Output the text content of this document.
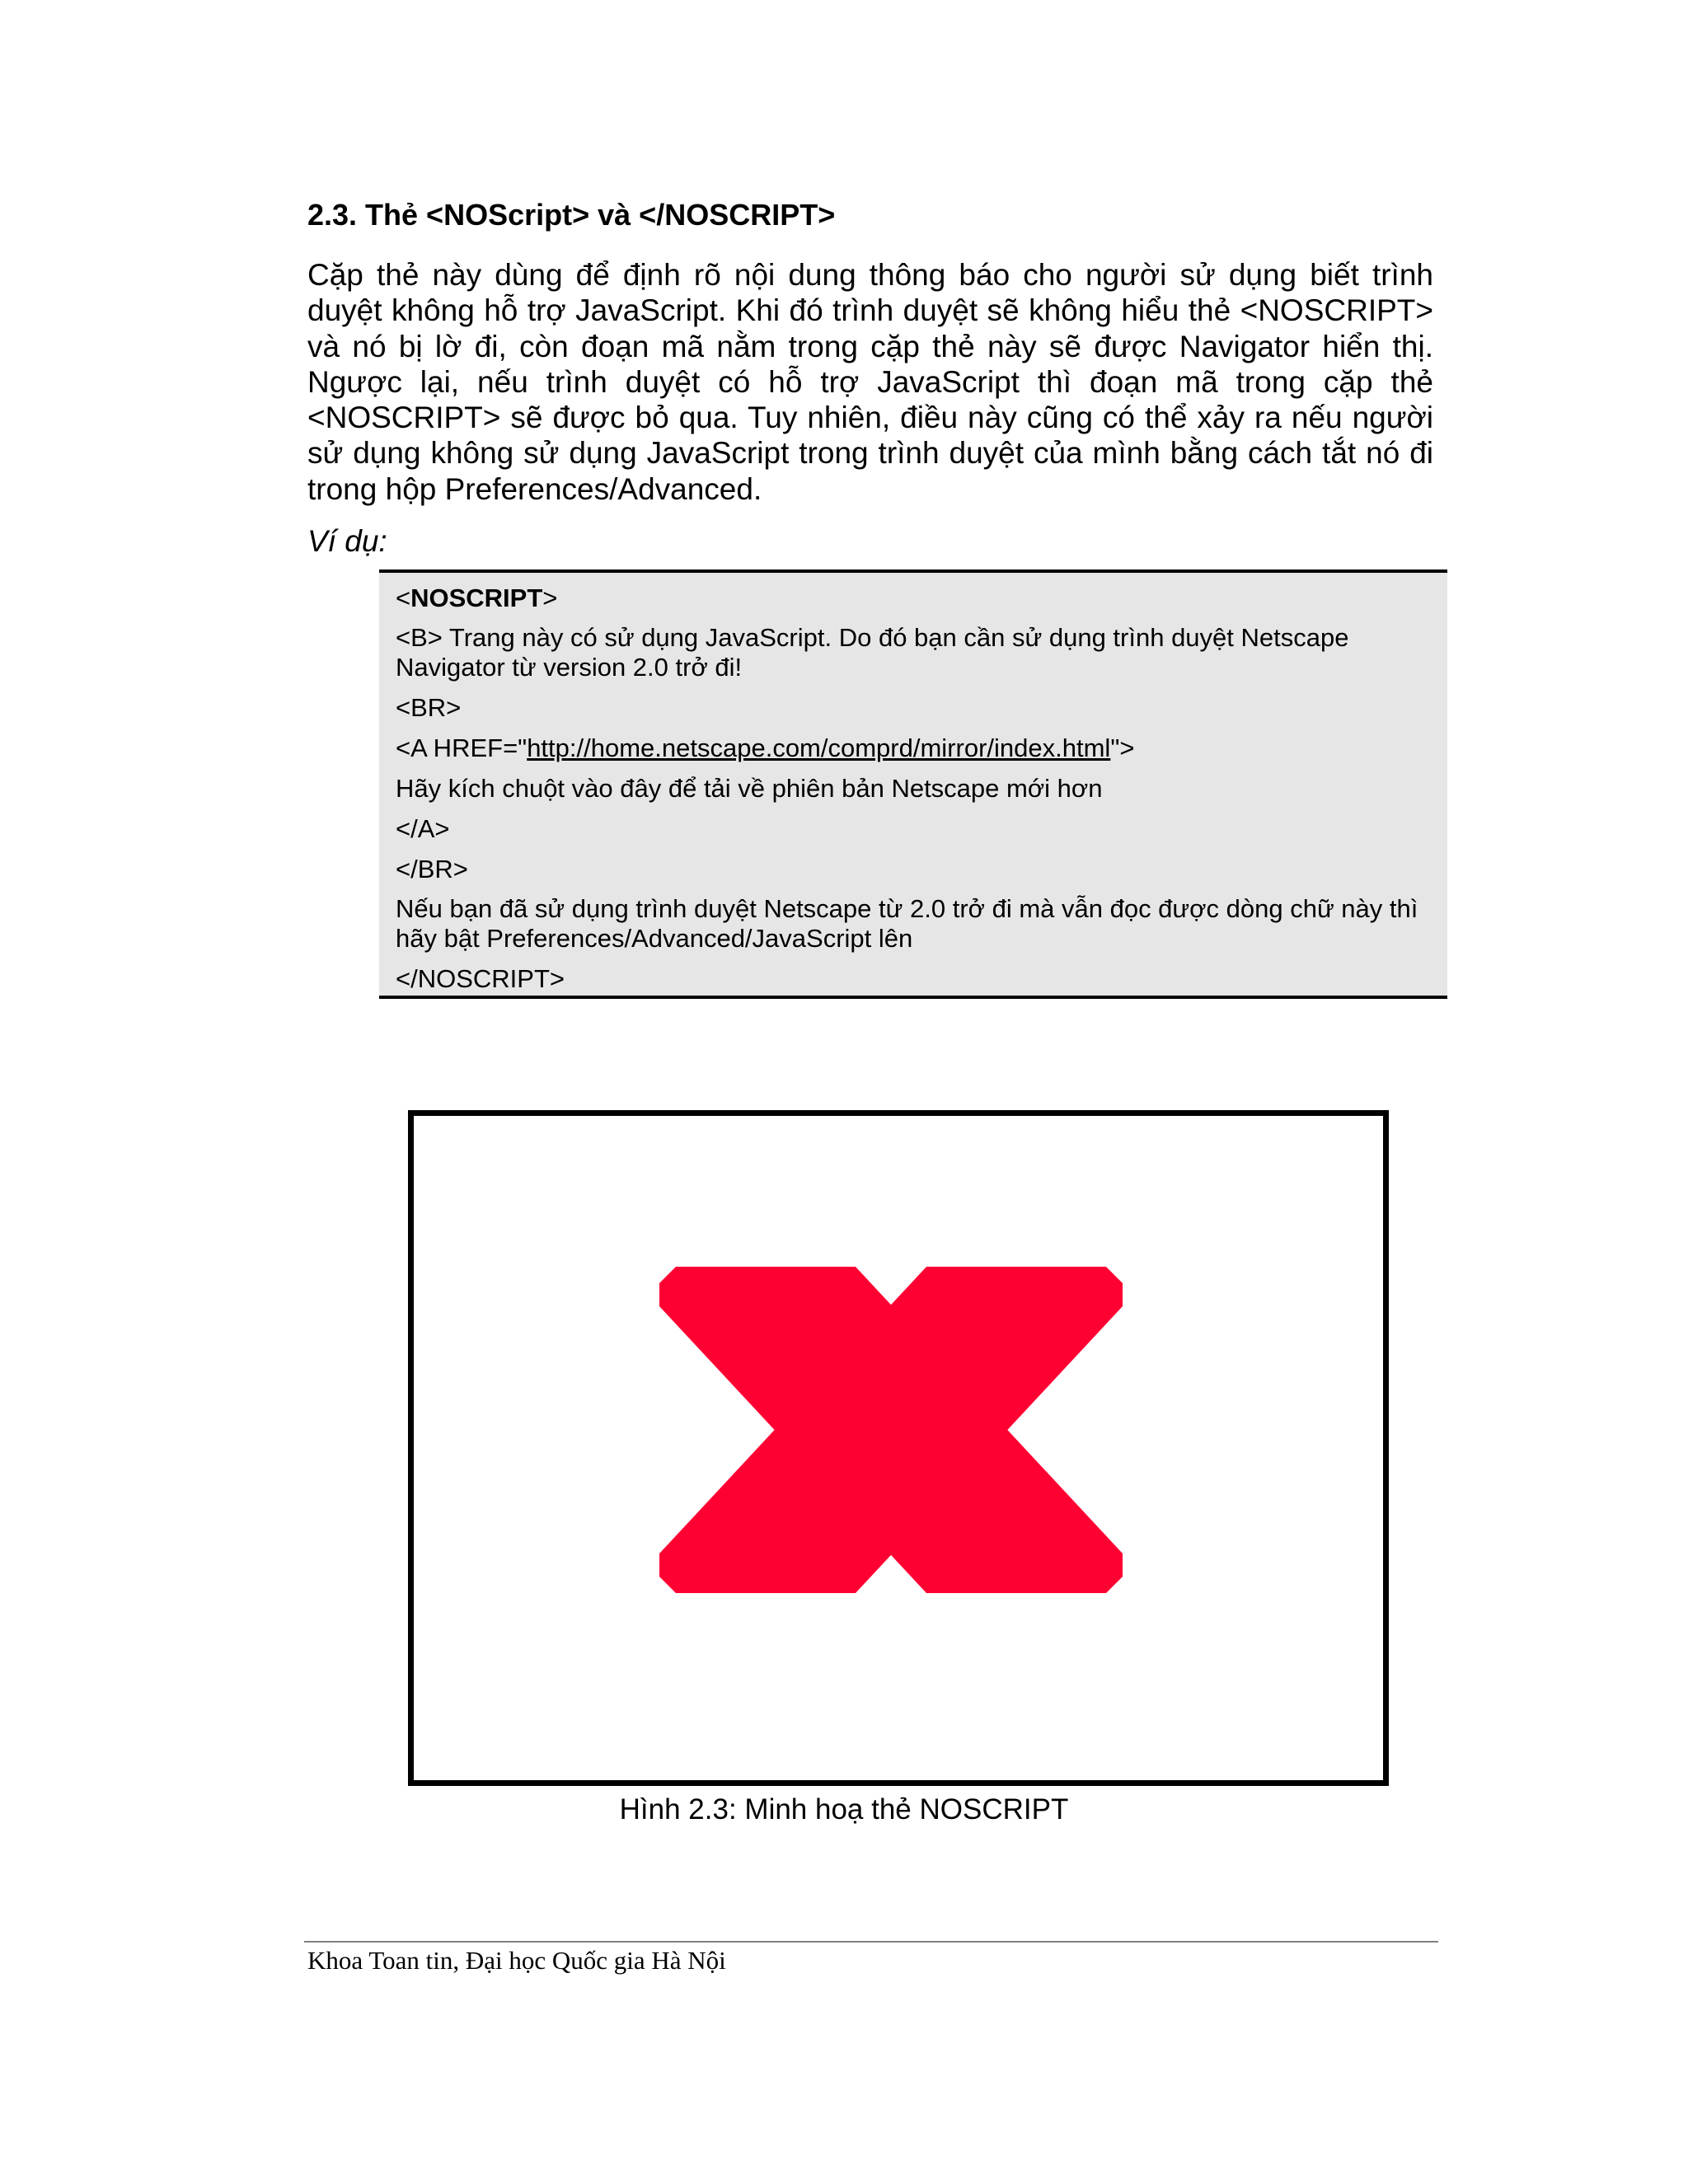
2.3. Thẻ <NOScript> và </NOSCRIPT>

Cặp thẻ này dùng để định rõ nội dung thông báo cho người sử dụng biết trình duyệt không hỗ trợ JavaScript. Khi đó trình duyệt sẽ không hiểu thẻ <NOSCRIPT> và nó bị lờ đi, còn đoạn mã nằm trong cặp thẻ này sẽ được Navigator hiển thị. Ngược lại, nếu trình duyệt có hỗ trợ JavaScript thì đoạn mã trong cặp thẻ <NOSCRIPT> sẽ được bỏ qua. Tuy nhiên, điều này cũng có thể xảy ra nếu người sử dụng không sử dụng JavaScript trong trình duyệt của mình bằng cách tắt nó đi trong hộp Preferences/Advanced.

Ví dụ:

<NOSCRIPT>
<B> Trang này có sử dụng JavaScript. Do đó bạn cần sử dụng trình duyệt Netscape Navigator từ version 2.0 trở đi!
<BR>
<A HREF="http://home.netscape.com/comprd/mirror/index.html">
Hãy kích chuột vào đây để tải về phiên bản Netscape mới hơn
</A>
</BR>
Nếu bạn đã sử dụng trình duyệt Netscape từ 2.0 trở đi mà vẫn đọc được dòng chữ này thì hãy bật Preferences/Advanced/JavaScript lên
</NOSCRIPT>

Hình 2.3: Minh hoạ thẻ NOSCRIPT

Khoa Toan tin, Đại học Quốc gia Hà Nội
